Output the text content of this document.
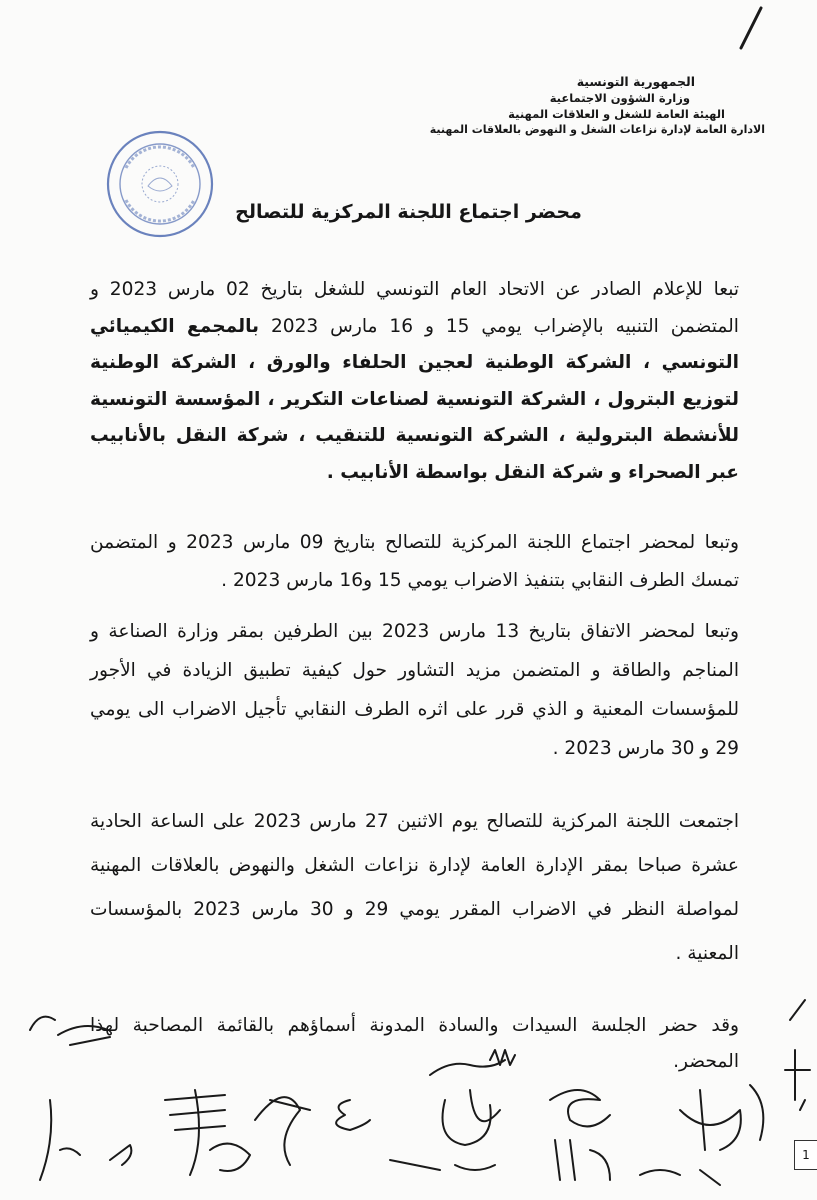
الجمهورية التونسية
وزارة الشؤون الاجتماعية
الهيئة العامة للشغل و العلاقات المهنية
الادارة العامة لإدارة نزاعات الشغل و النهوض بالعلاقات المهنية
محضر اجتماع اللجنة المركزية للتصالح

تبعا للإعلام الصادر عن الاتحاد العام التونسي للشغل بتاريخ 02 مارس 2023 و المتضمن التنبيه بالإضراب يومي 15 و 16 مارس 2023 بالمجمع الكيميائي التونسي ، الشركة الوطنية لعجين الحلفاء والورق ، الشركة الوطنية لتوزيع البترول ، الشركة التونسية لصناعات التكرير ، المؤسسة التونسية للأنشطة البترولية ، الشركة التونسية للتنقيب ، شركة النقل بالأنابيب عبر الصحراء و شركة النقل بواسطة الأنابيب .

وتبعا لمحضر اجتماع اللجنة المركزية للتصالح بتاريخ 09 مارس 2023 و المتضمن تمسك الطرف النقابي بتنفيذ الاضراب يومي 15 و16 مارس 2023 .

وتبعا لمحضر الاتفاق بتاريخ 13 مارس 2023 بين الطرفين بمقر وزارة الصناعة و المناجم والطاقة و المتضمن مزيد التشاور حول كيفية تطبيق الزيادة في الأجور للمؤسسات المعنية و الذي قرر على اثره الطرف النقابي تأجيل الاضراب الى يومي 29 و 30 مارس 2023 .

اجتمعت اللجنة المركزية للتصالح يوم الاثنين 27 مارس 2023 على الساعة الحادية عشرة صباحا بمقر الإدارة العامة لإدارة نزاعات الشغل والنهوض بالعلاقات المهنية لمواصلة النظر في الاضراب المقرر يومي 29 و 30 مارس 2023 بالمؤسسات المعنية .

وقد حضر الجلسة السيدات والسادة المدونة أسماؤهم بالقائمة المصاحبة لهذا المحضر.

1
